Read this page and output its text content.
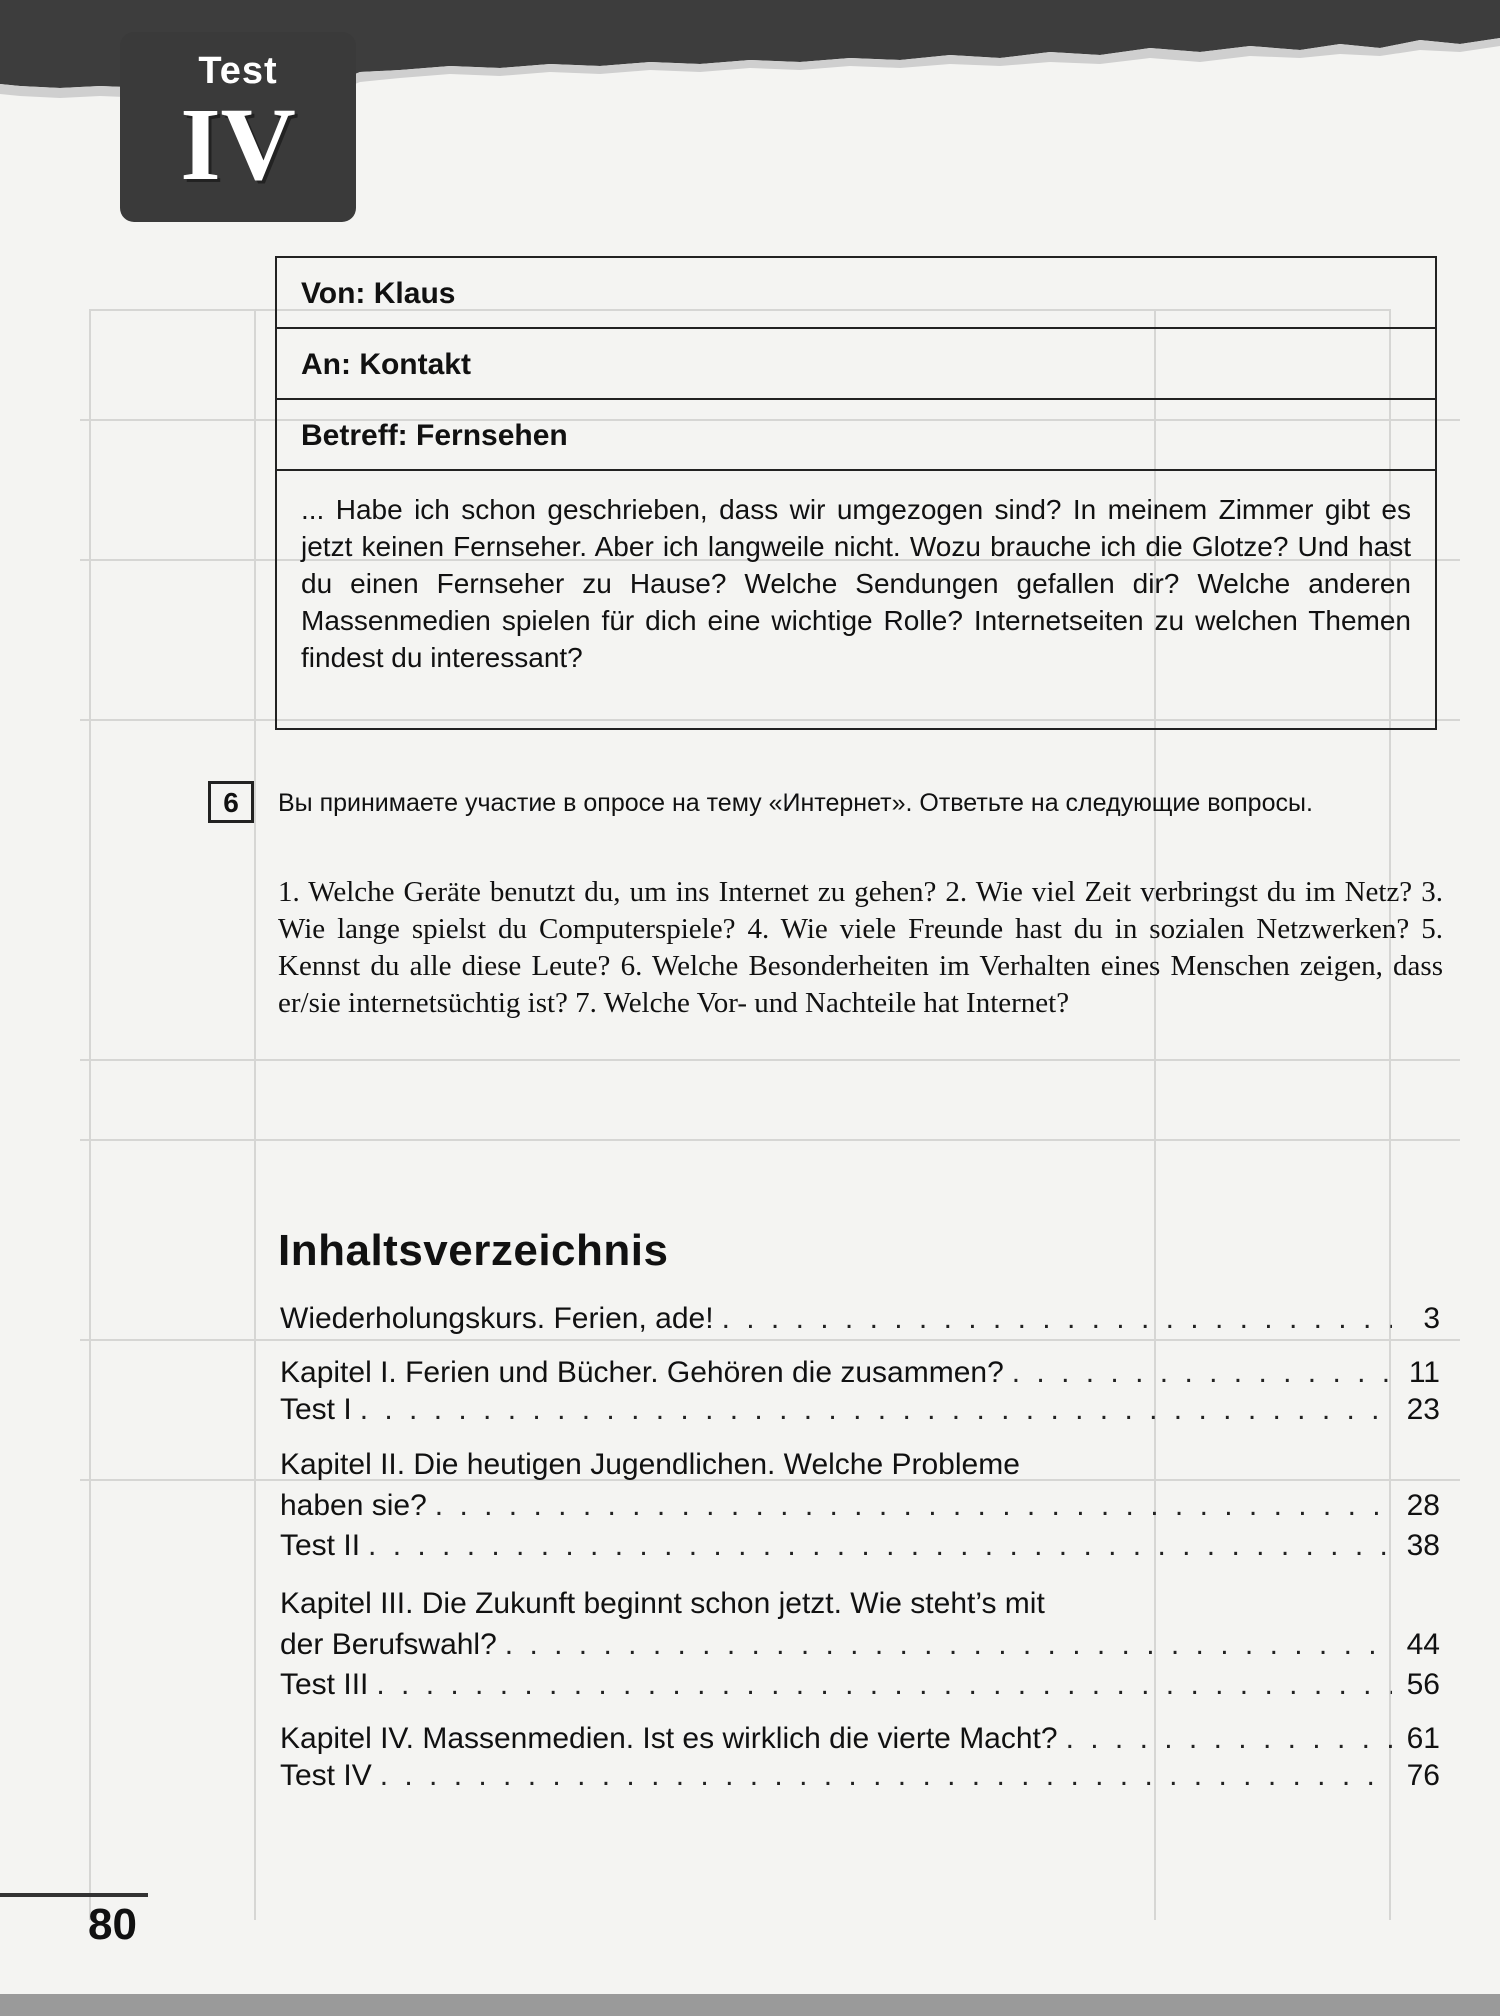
Test
IV
Von: Klaus
An: Kontakt
Betreff: Fernsehen
... Habe ich schon geschrieben, dass wir umgezogen sind? In meinem Zimmer gibt es jetzt keinen Fernseher. Aber ich langweile nicht. Wozu brauche ich die Glotze? Und hast du einen Fernseher zu Hause? Welche Sendungen gefallen dir? Welche anderen Massenmedien spielen für dich eine wichtige Rolle? Internetseiten zu welchen Themen findest du interessant?
6	Вы принимаете участие в опросе на тему «Интернет». Ответьте на следующие вопросы.
1. Welche Geräte benutzt du, um ins Internet zu gehen? 2. Wie viel Zeit verbringst du im Netz? 3. Wie lange spielst du Computerspiele? 4. Wie viele Freunde hast du in sozialen Netzwerken? 5. Kennst du alle diese Leute? 6. Welche Besonderheiten im Verhalten eines Menschen zeigen, dass er/sie internetsüchtig ist? 7. Welche Vor- und Nachteile hat Internet?
Inhaltsverzeichnis
Wiederholungskurs. Ferien, ade! . . .	3
Kapitel I. Ferien und Bücher. Gehören die zusammen? . . .	11
Test I . . .	23
Kapitel II. Die heutigen Jugendlichen. Welche Probleme
haben sie? . . .	28
Test II . . .	38
Kapitel III. Die Zukunft beginnt schon jetzt. Wie steht’s mit
der Berufswahl? . . .	44
Test III . . .	56
Kapitel IV. Massenmedien. Ist es wirklich die vierte Macht? . . .	61
Test IV . . .	76
80
